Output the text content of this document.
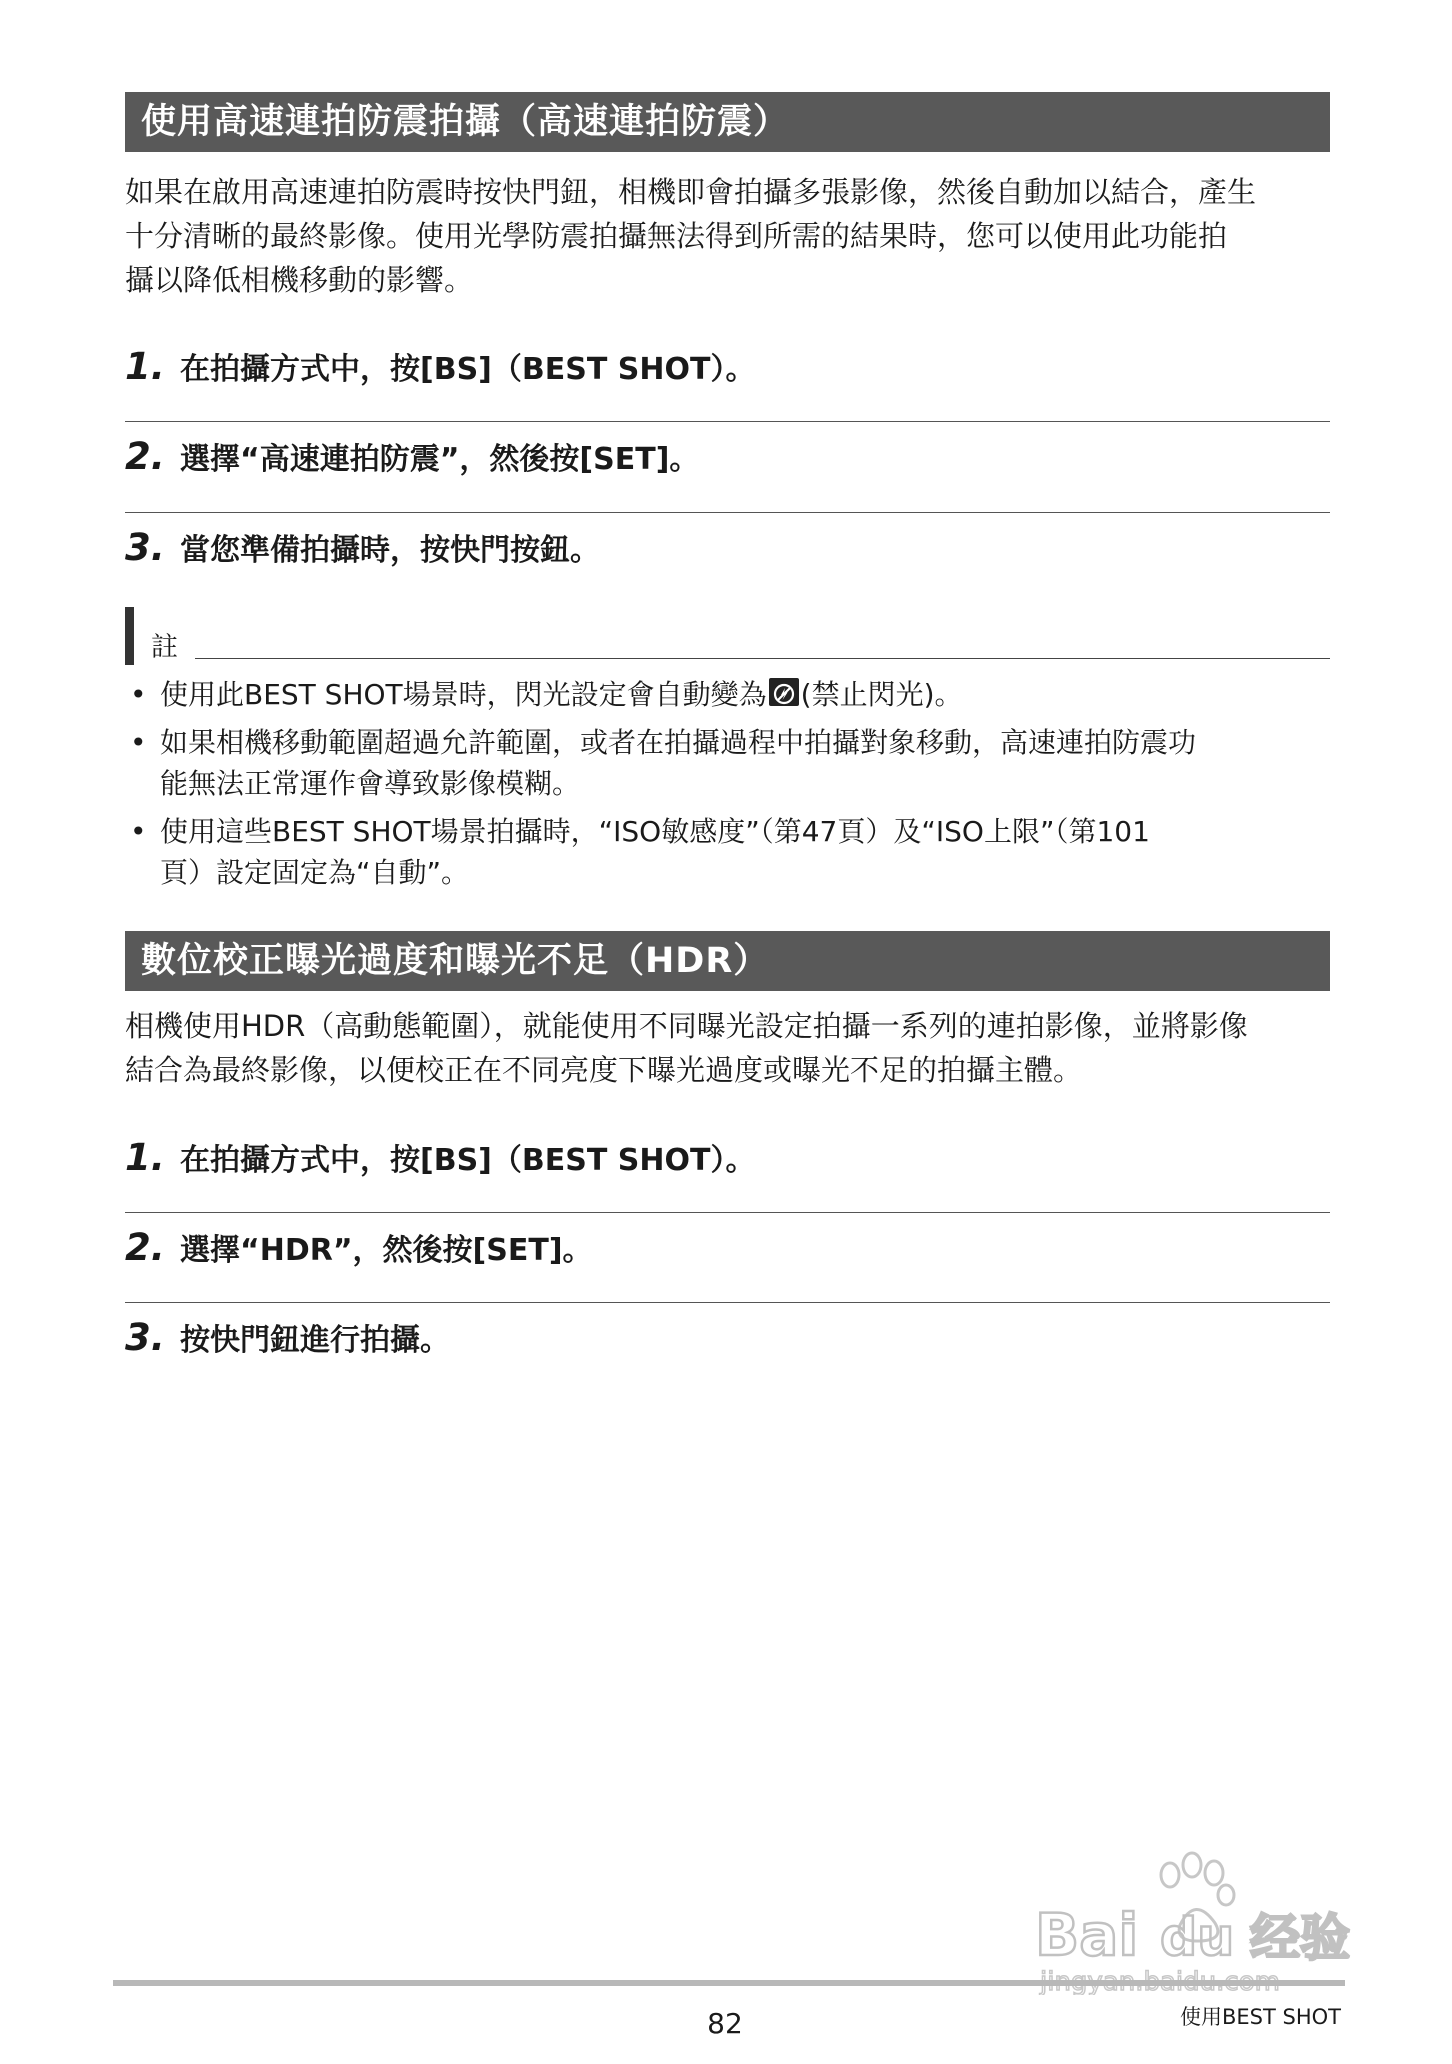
使用高速連拍防震拍攝（高速連拍防震）
如果在啟用高速連拍防震時按快門鈕，相機即會拍攝多張影像，然後自動加以結合，產生
十分清晰的最終影像。使用光學防震拍攝無法得到所需的結果時，您可以使用此功能拍
攝以降低相機移動的影響。
1. 在拍攝方式中，按[BS]（BEST SHOT）。
2. 選擇“高速連拍防震”，然後按[SET]。
3. 當您準備拍攝時，按快門按鈕。
註
• 使用此BEST SHOT場景時，閃光設定會自動變為 (禁止閃光)。
• 如果相機移動範圍超過允許範圍，或者在拍攝過程中拍攝對象移動，高速連拍防震功
能無法正常運作會導致影像模糊。
• 使用這些BEST SHOT場景拍攝時，“ISO敏感度”（第47頁）及“ISO上限”（第101
頁）設定固定為“自動”。
數位校正曝光過度和曝光不足（HDR）
相機使用HDR（高動態範圍），就能使用不同曝光設定拍攝一系列的連拍影像，並將影像
結合為最終影像，以便校正在不同亮度下曝光過度或曝光不足的拍攝主體。
1. 在拍攝方式中，按[BS]（BEST SHOT）。
2. 選擇“HDR”，然後按[SET]。
3. 按快門鈕進行拍攝。
Bai du 经验
82	使用BEST SHOT
